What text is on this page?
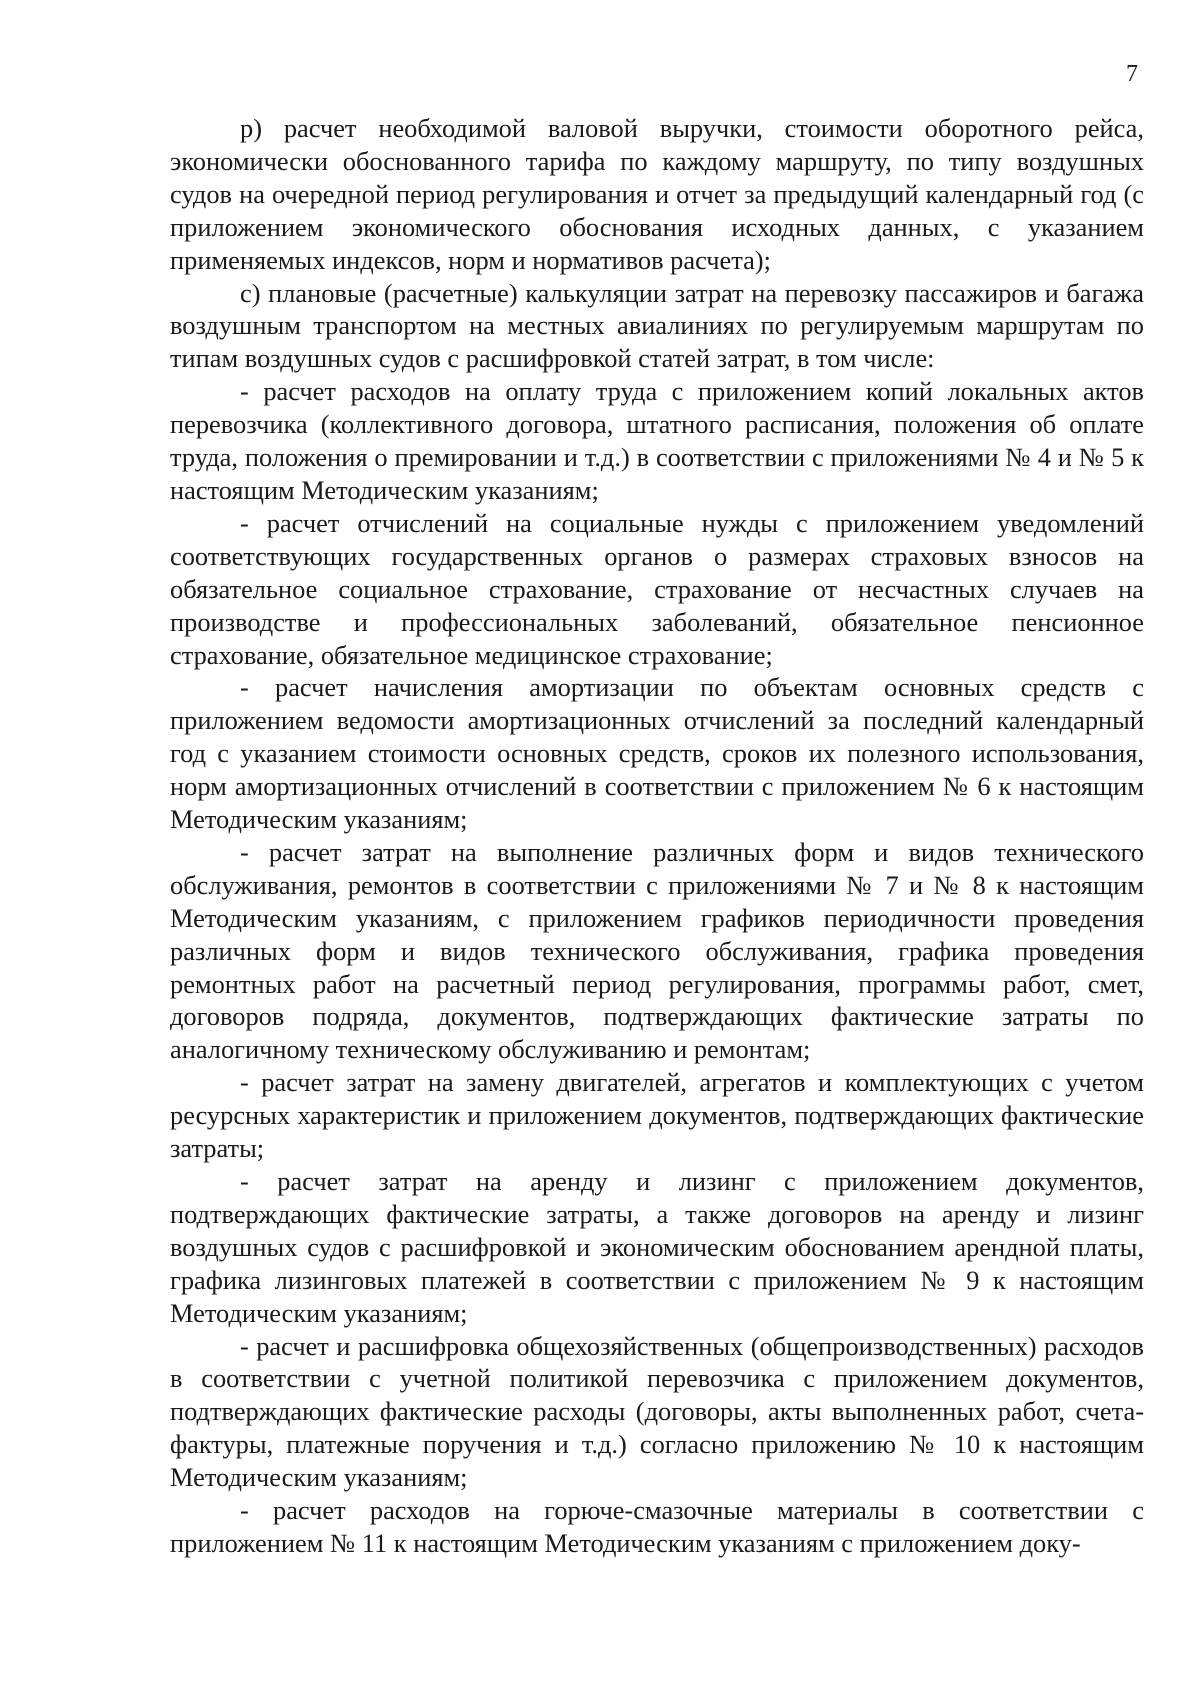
7

р) расчет необходимой валовой выручки, стоимости оборотного рейса, экономически обоснованного тарифа по каждому маршруту, по типу воздушных судов на очередной период регулирования и отчет за предыдущий календарный год (с приложением экономического обоснования исходных данных, с указанием применяемых индексов, норм и нормативов расчета);

с) плановые (расчетные) калькуляции затрат на перевозку пассажиров и багажа воздушным транспортом на местных авиалиниях по регулируемым маршрутам по типам воздушных судов с расшифровкой статей затрат, в том числе:

- расчет расходов на оплату труда с приложением копий локальных актов перевозчика (коллективного договора, штатного расписания, положения об оплате труда, положения о премировании и т.д.) в соответствии с приложениями № 4 и № 5 к настоящим Методическим указаниям;

- расчет отчислений на социальные нужды с приложением уведомлений соответствующих государственных органов о размерах страховых взносов на обязательное социальное страхование, страхование от несчастных случаев на производстве и профессиональных заболеваний, обязательное пенсионное страхование, обязательное медицинское страхование;

- расчет начисления амортизации по объектам основных средств с приложением ведомости амортизационных отчислений за последний календарный год с указанием стоимости основных средств, сроков их полезного использования, норм амортизационных отчислений в соответствии с приложением № 6 к настоящим Методическим указаниям;

- расчет затрат на выполнение различных форм и видов технического обслуживания, ремонтов в соответствии с приложениями № 7 и № 8 к настоящим Методическим указаниям, с приложением графиков периодичности проведения различных форм и видов технического обслуживания, графика проведения ремонтных работ на расчетный период регулирования, программы работ, смет, договоров подряда, документов, подтверждающих фактические затраты по аналогичному техническому обслуживанию и ремонтам;

- расчет затрат на замену двигателей, агрегатов и комплектующих с учетом ресурсных характеристик и приложением документов, подтверждающих фактические затраты;

- расчет затрат на аренду и лизинг с приложением документов, подтверждающих фактические затраты, а также договоров на аренду и лизинг воздушных судов с расшифровкой и экономическим обоснованием арендной платы, графика лизинговых платежей в соответствии с приложением № 9 к настоящим Методическим указаниям;

- расчет и расшифровка общехозяйственных (общепроизводственных) расходов в соответствии с учетной политикой перевозчика с приложением документов, подтверждающих фактические расходы (договоры, акты выполненных работ, счета-фактуры, платежные поручения и т.д.) согласно приложению № 10 к настоящим Методическим указаниям;

- расчет расходов на горюче-смазочные материалы в соответствии с приложением № 11 к настоящим Методическим указаниям с приложением доку-
